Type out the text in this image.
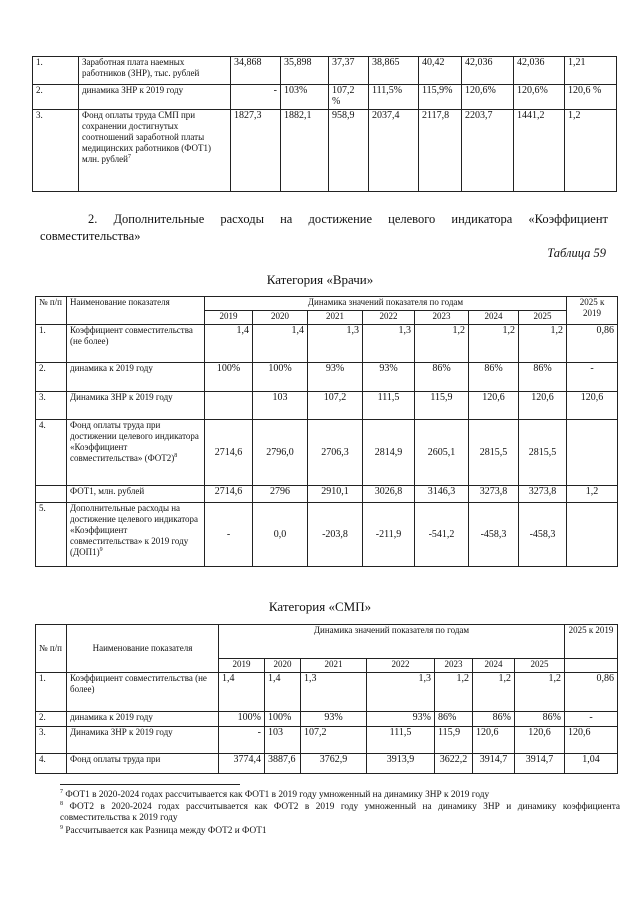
1.	Заработная плата наемных работников (ЗНР), тыс. рублей	34,868	35,898	37,37	38,865	40,42	42,036	42,036	1,21
2.	динамика ЗНР к 2019 году	-	103%	107,2 %	111,5%	115,9%	120,6%	120,6%	120,6 %
3.	Фонд оплаты труда СМП при сохранении достигнутых соотношений заработной платы медицинских работников (ФОТ1) млн. рублей$^7$	1827,3	1882,1	958,9	2037,4	2117,8	2203,7	1441,2	1,2
2. Дополнительные расходы на достижение целевого индикатора «Коэффициент совместительства»
Таблица 59
Категория «Врачи»
№ п/п	Наименование показателя	Динамика значений показателя по годам							2025 к 2019
		2019	2020	2021	2022	2023	2024	2025	
1.	Коэффициент совместительства (не более)	1,4	1,4	1,3	1,3	1,2	1,2	1,2	0,86
2.	динамика к 2019 году	100%	100%	93%	93%	86%	86%	86%	-
3.	Динамика ЗНР к 2019 году		103	107,2	111,5	115,9	120,6	120,6	120,6
4.	Фонд оплаты труда при достижении целевого индикатора «Коэффициент совместительства» $(ФОТ2)^8$	2714,6	2796,0	2706,3	2814,9	2605,1	2815,5	2815,5	
	ФОТ1, млн. рублей	2714,6	2796	2910,1	3026,8	3146,3	3273,8	3273,8	1,2
5.	Дополнительные расходы на достижение целевого индикатора «Коэффициент совместительства» к 2019 году $(ДОП1)^9$	-	0,0	-203,8	-211,9	-541,2	-458,3	-458,3	
Категория «СМП»
№ п/п	Наименование показателя	Динамика значений показателя по годам							2025 к 2019
		2019	2020	2021	2022	2023	2024	2025	
1.	Коэффициент совместительства (не более)	1,4	1,4	1,3	1,3	1,2	1,2	1,2	0,86
2.	динамика к 2019 году	100%	100%	93%	93%	86%	86%	86%	-
3.	Динамика ЗНР к 2019 году	-	103	107,2	111,5	115,9	120,6	120,6	120,6
4.	Фонд оплаты труда при	3774,4	3887,6	3762,9	3913,9	3622,2	3914,7	3914,7	1,04
$^7$ ФОТ1 в 2020-2024 годах рассчитывается как ФОТ1 в 2019 году умноженный на динамику ЗНР к 2019 году
$^8$ ФОТ2 в 2020-2024 годах рассчитывается как ФОТ2 в 2019 году умноженный на динамику ЗНР и динамику коэффициента совместительства к 2019 году
$^9$ Рассчитывается как Разница между ФОТ2 и ФОТ1
